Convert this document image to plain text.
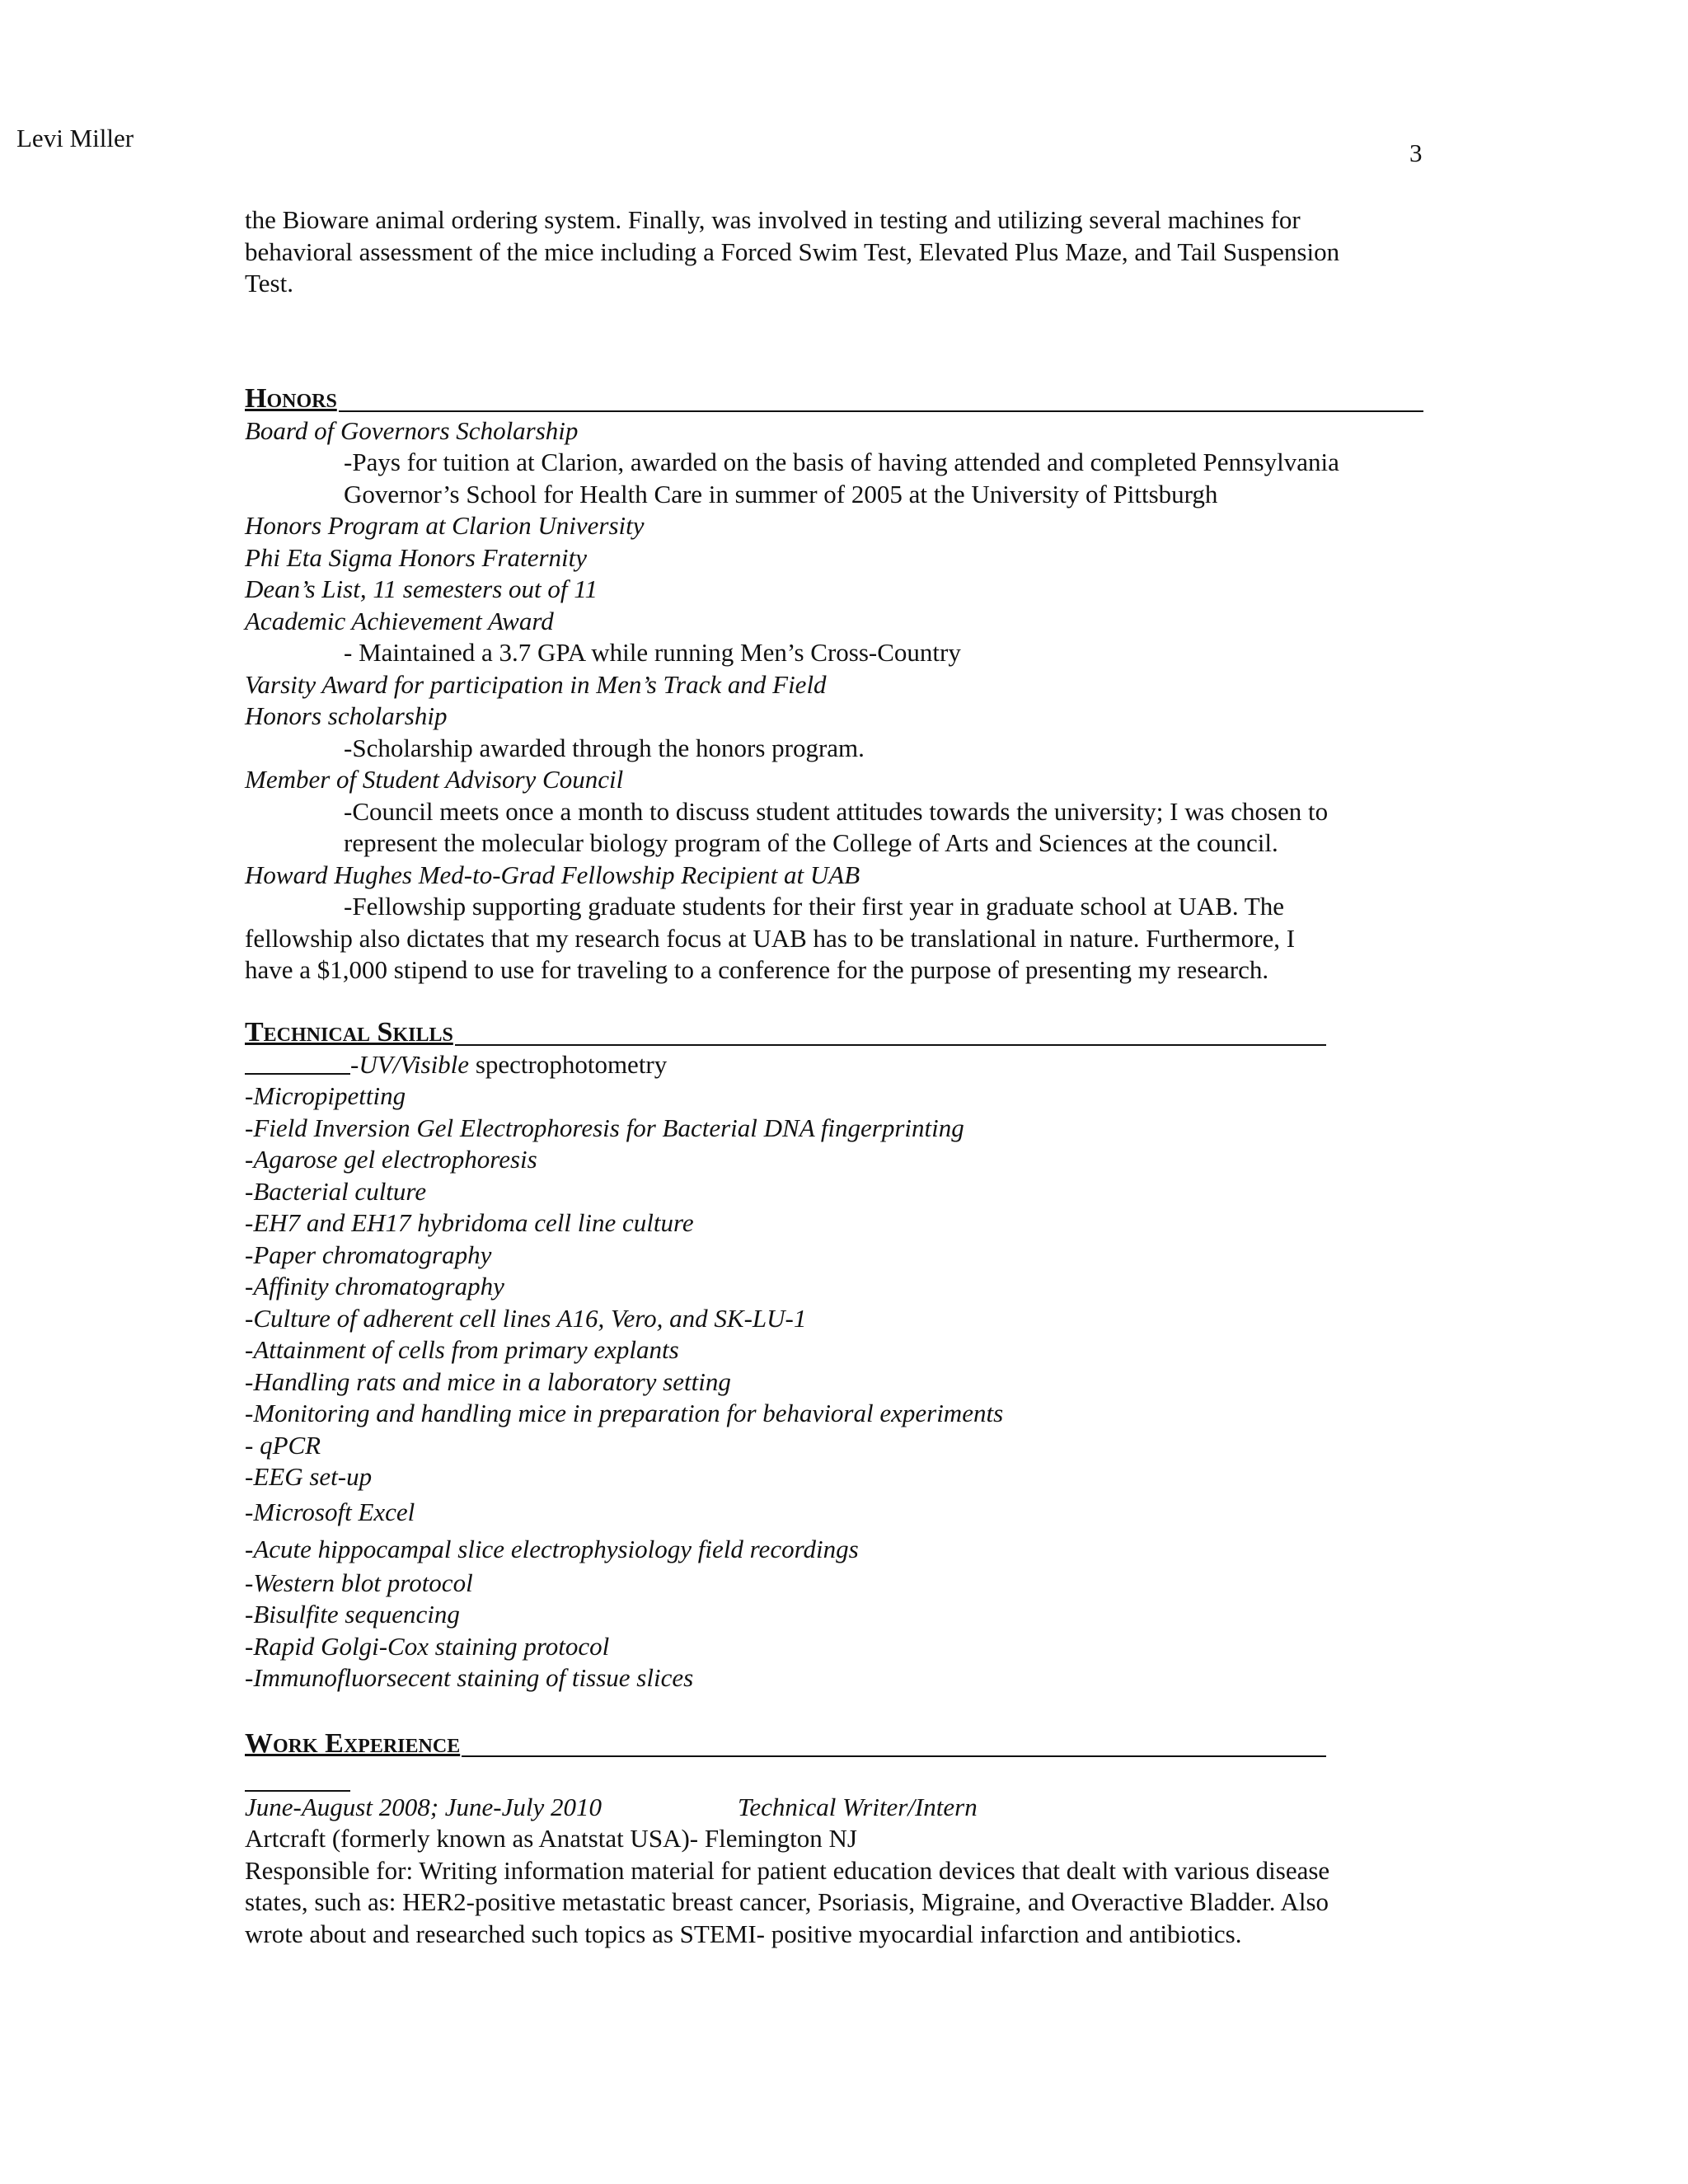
Levi Miller
3
the Bioware animal ordering system. Finally, was involved in testing and utilizing several machines for
behavioral assessment of the mice including a Forced Swim Test, Elevated Plus Maze, and Tail Suspension
Test.
Honors
Board of Governors Scholarship
-Pays for tuition at Clarion, awarded on the basis of having attended and completed Pennsylvania
Governor’s School for Health Care in summer of 2005 at the University of Pittsburgh
Honors Program at Clarion University
Phi Eta Sigma Honors Fraternity
Dean’s List, 11 semesters out of 11
Academic Achievement Award
- Maintained a 3.7 GPA while running Men’s Cross-Country
Varsity Award for participation in Men’s Track and Field
Honors scholarship
-Scholarship awarded through the honors program.
Member of Student Advisory Council
-Council meets once a month to discuss student attitudes towards the university; I was chosen to
represent the molecular biology program of the College of Arts and Sciences at the council.
Howard Hughes Med-to-Grad Fellowship Recipient at UAB
-Fellowship supporting graduate students for their first year in graduate school at UAB. The
fellowship also dictates that my research focus at UAB has to be translational in nature. Furthermore, I
have a $1,000 stipend to use for traveling to a conference for the purpose of presenting my research.
Technical Skills
-UV/Visible spectrophotometry
-Micropipetting
-Field Inversion Gel Electrophoresis for Bacterial DNA fingerprinting
-Agarose gel electrophoresis
-Bacterial culture
-EH7 and EH17 hybridoma cell line culture
-Paper chromatography
-Affinity chromatography
-Culture of adherent cell lines A16, Vero, and SK-LU-1
-Attainment of cells from primary explants
-Handling rats and mice in a laboratory setting
-Monitoring and handling mice in preparation for behavioral experiments
- qPCR
-EEG set-up
-Microsoft Excel
-Acute hippocampal slice electrophysiology field recordings
-Western blot protocol
-Bisulfite sequencing
-Rapid Golgi-Cox staining protocol
-Immunofluorsecent staining of tissue slices
Work Experience
June-August 2008; June-July 2010	Technical Writer/Intern
Artcraft (formerly known as Anatstat USA)- Flemington NJ
Responsible for: Writing information material for patient education devices that dealt with various disease
states, such as: HER2-positive metastatic breast cancer, Psoriasis, Migraine, and Overactive Bladder. Also
wrote about and researched such topics as STEMI- positive myocardial infarction and antibiotics.
